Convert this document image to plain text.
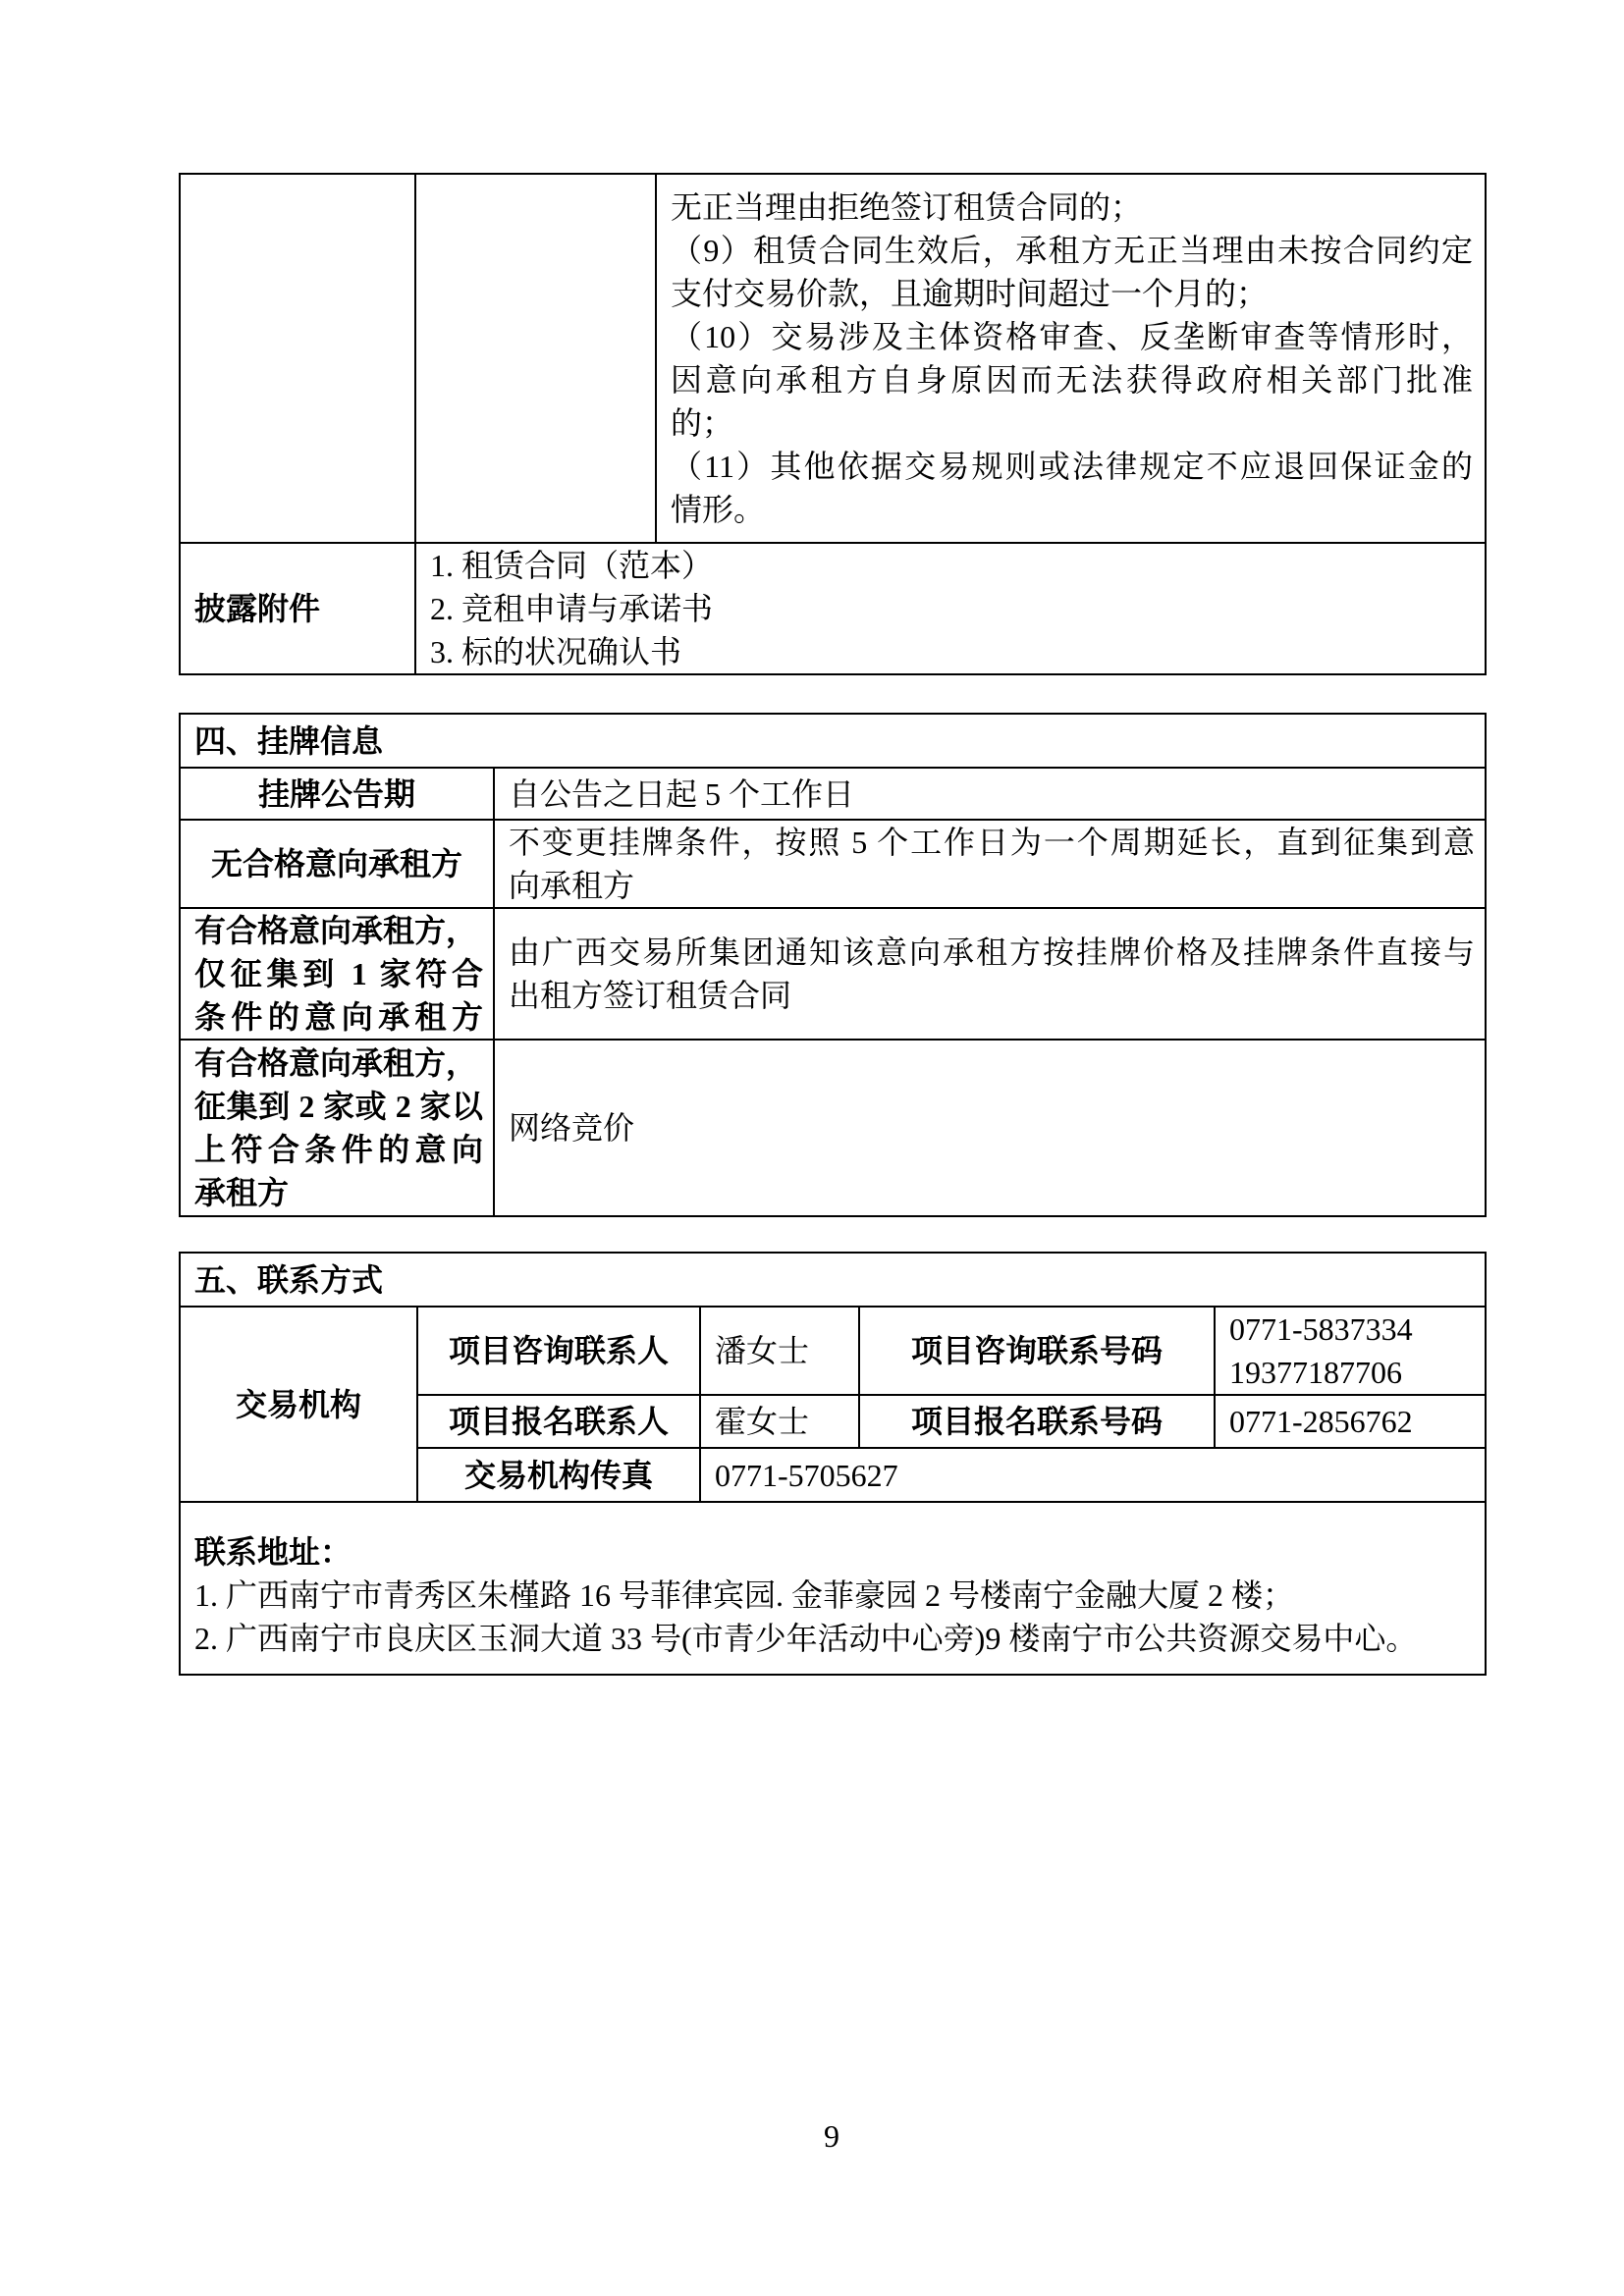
无正当理由拒绝签订租赁合同的；
（9）租赁合同生效后，承租方无正当理由未按合同约定
支付交易价款，且逾期时间超过一个月的；
（10）交易涉及主体资格审查、反垄断审查等情形时，
因意向承租方自身原因而无法获得政府相关部门批准
的；
（11）其他依据交易规则或法律规定不应退回保证金的
情形。

披露附件	1. 租赁合同（范本）
2. 竞租申请与承诺书
3. 标的状况确认书	
四、挂牌信息	
挂牌公告期	自公告之日起 5 个工作日
无合格意向承租方	不变更挂牌条件，按照 5 个工作日为一个周期延长，直到征集到意
向承租方

有合格意向承租方，
仅征集到 1 家符合
条件的意向承租方	由广西交易所集团通知该意向承租方按挂牌价格及挂牌条件直接与
出租方签订租赁合同

有合格意向承租方，
征集到 2 家或 2 家以
上符合条件的意向
承租方	网络竞价
五、联系方式				
交易机构	项目咨询联系人	潘女士	项目咨询联系号码	0771-5837334
19377187706

	项目报名联系人	霍女士	项目报名联系号码	0771-2856762
	交易机构传真	0771-5705627		

联系地址：
1. 广西南宁市青秀区朱槿路 16 号菲律宾园. 金菲豪园 2 号楼南宁金融大厦 2 楼；
2. 广西南宁市良庆区玉洞大道 33 号(市青少年活动中心旁)9 楼南宁市公共资源交易中心。				
9
